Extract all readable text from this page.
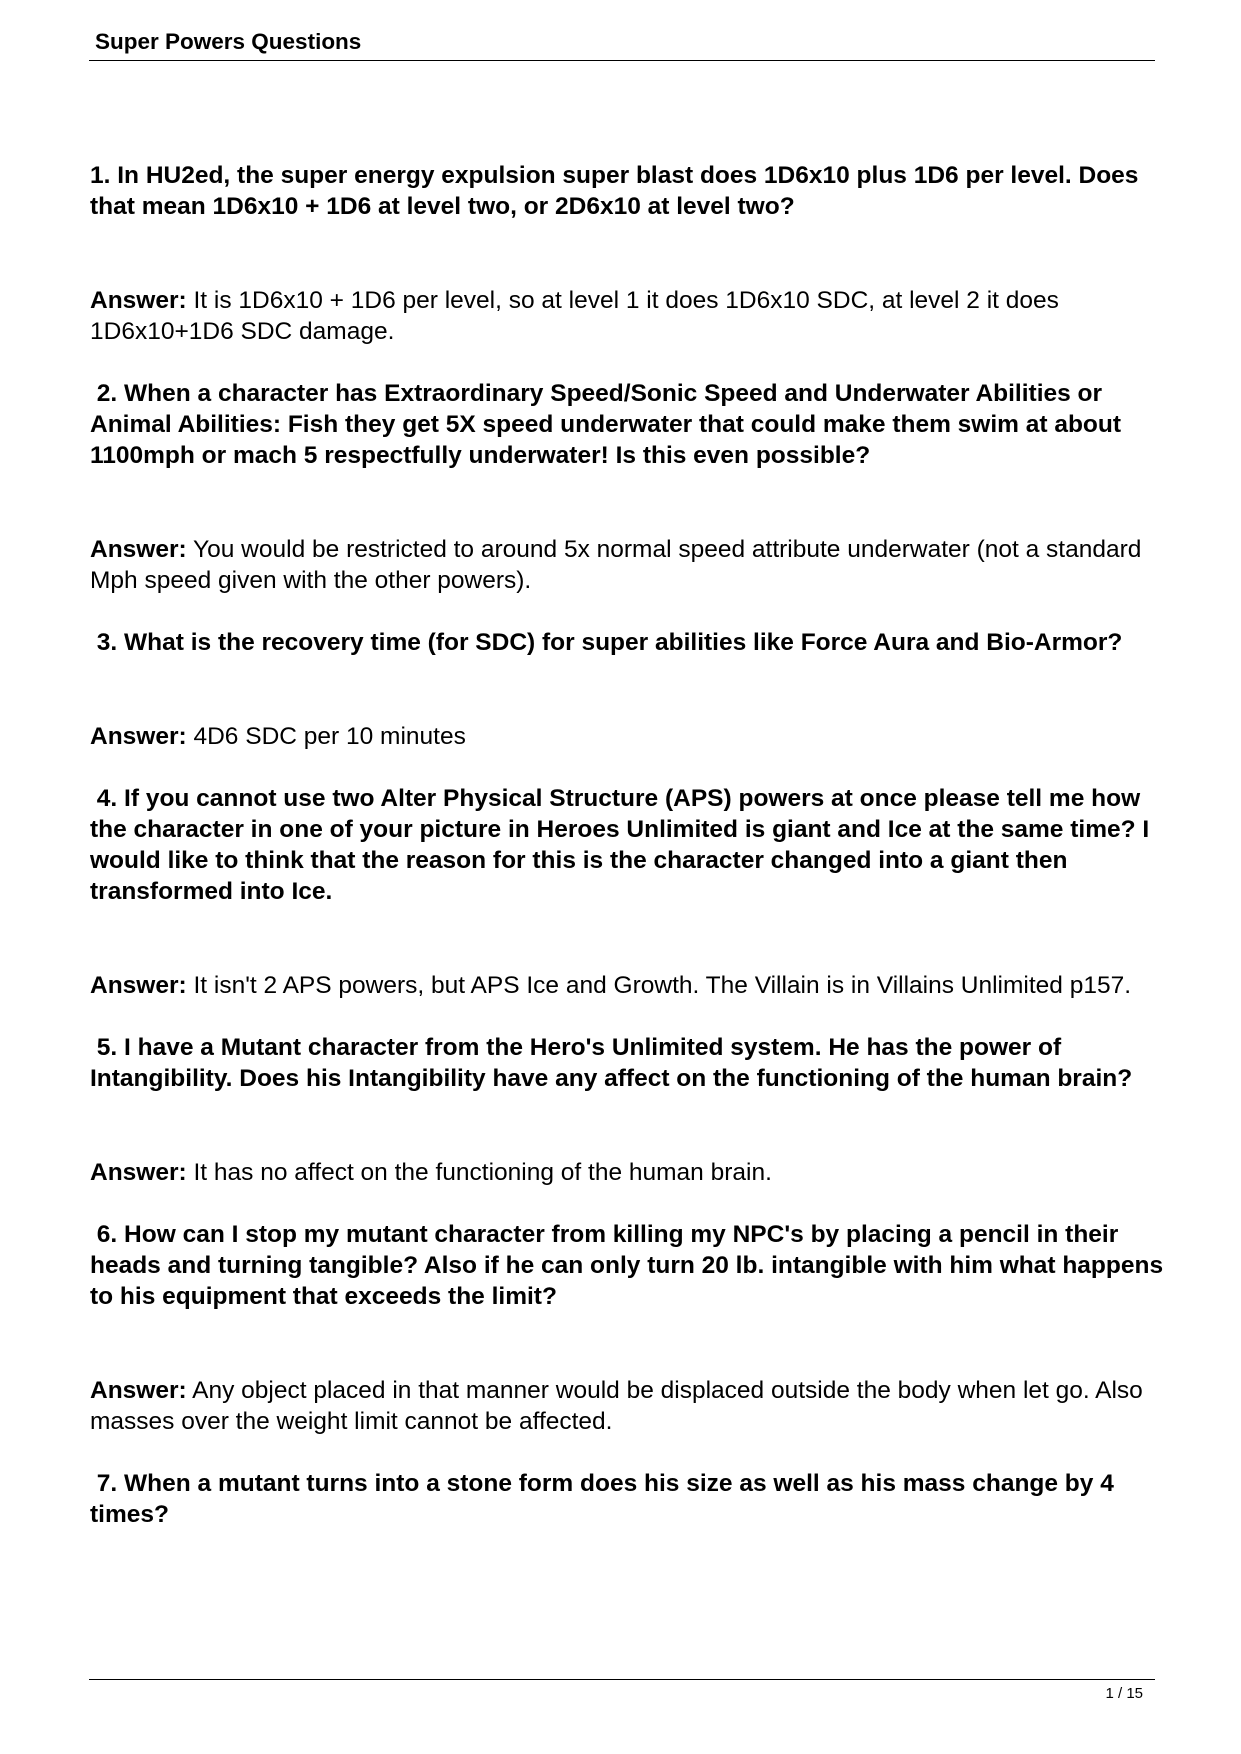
Super Powers Questions

1. In HU2ed, the super energy expulsion super blast does 1D6x10 plus 1D6 per level. Does that mean 1D6x10 + 1D6 at level two, or 2D6x10 at level two?

Answer: It is 1D6x10 + 1D6 per level, so at level 1 it does 1D6x10 SDC, at level 2 it does 1D6x10+1D6 SDC damage.

2. When a character has Extraordinary Speed/Sonic Speed and Underwater Abilities or Animal Abilities: Fish they get 5X speed underwater that could make them swim at about 1100mph or mach 5 respectfully underwater! Is this even possible?

Answer: You would be restricted to around 5x normal speed attribute underwater (not a standard Mph speed given with the other powers).

3. What is the recovery time (for SDC) for super abilities like Force Aura and Bio-Armor?

Answer: 4D6 SDC per 10 minutes

4. If you cannot use two Alter Physical Structure (APS) powers at once please tell me how the character in one of your picture in Heroes Unlimited is giant and Ice at the same time? I would like to think that the reason for this is the character changed into a giant then transformed into Ice.

Answer: It isn't 2 APS powers, but APS Ice and Growth. The Villain is in Villains Unlimited p157.

5. I have a Mutant character from the Hero's Unlimited system. He has the power of Intangibility. Does his Intangibility have any affect on the functioning of the human brain?

Answer: It has no affect on the functioning of the human brain.

6. How can I stop my mutant character from killing my NPC's by placing a pencil in their heads and turning tangible? Also if he can only turn 20 lb. intangible with him what happens to his equipment that exceeds the limit?

Answer: Any object placed in that manner would be displaced outside the body when let go. Also masses over the weight limit cannot be affected.

7. When a mutant turns into a stone form does his size as well as his mass change by 4 times?

1 / 15
